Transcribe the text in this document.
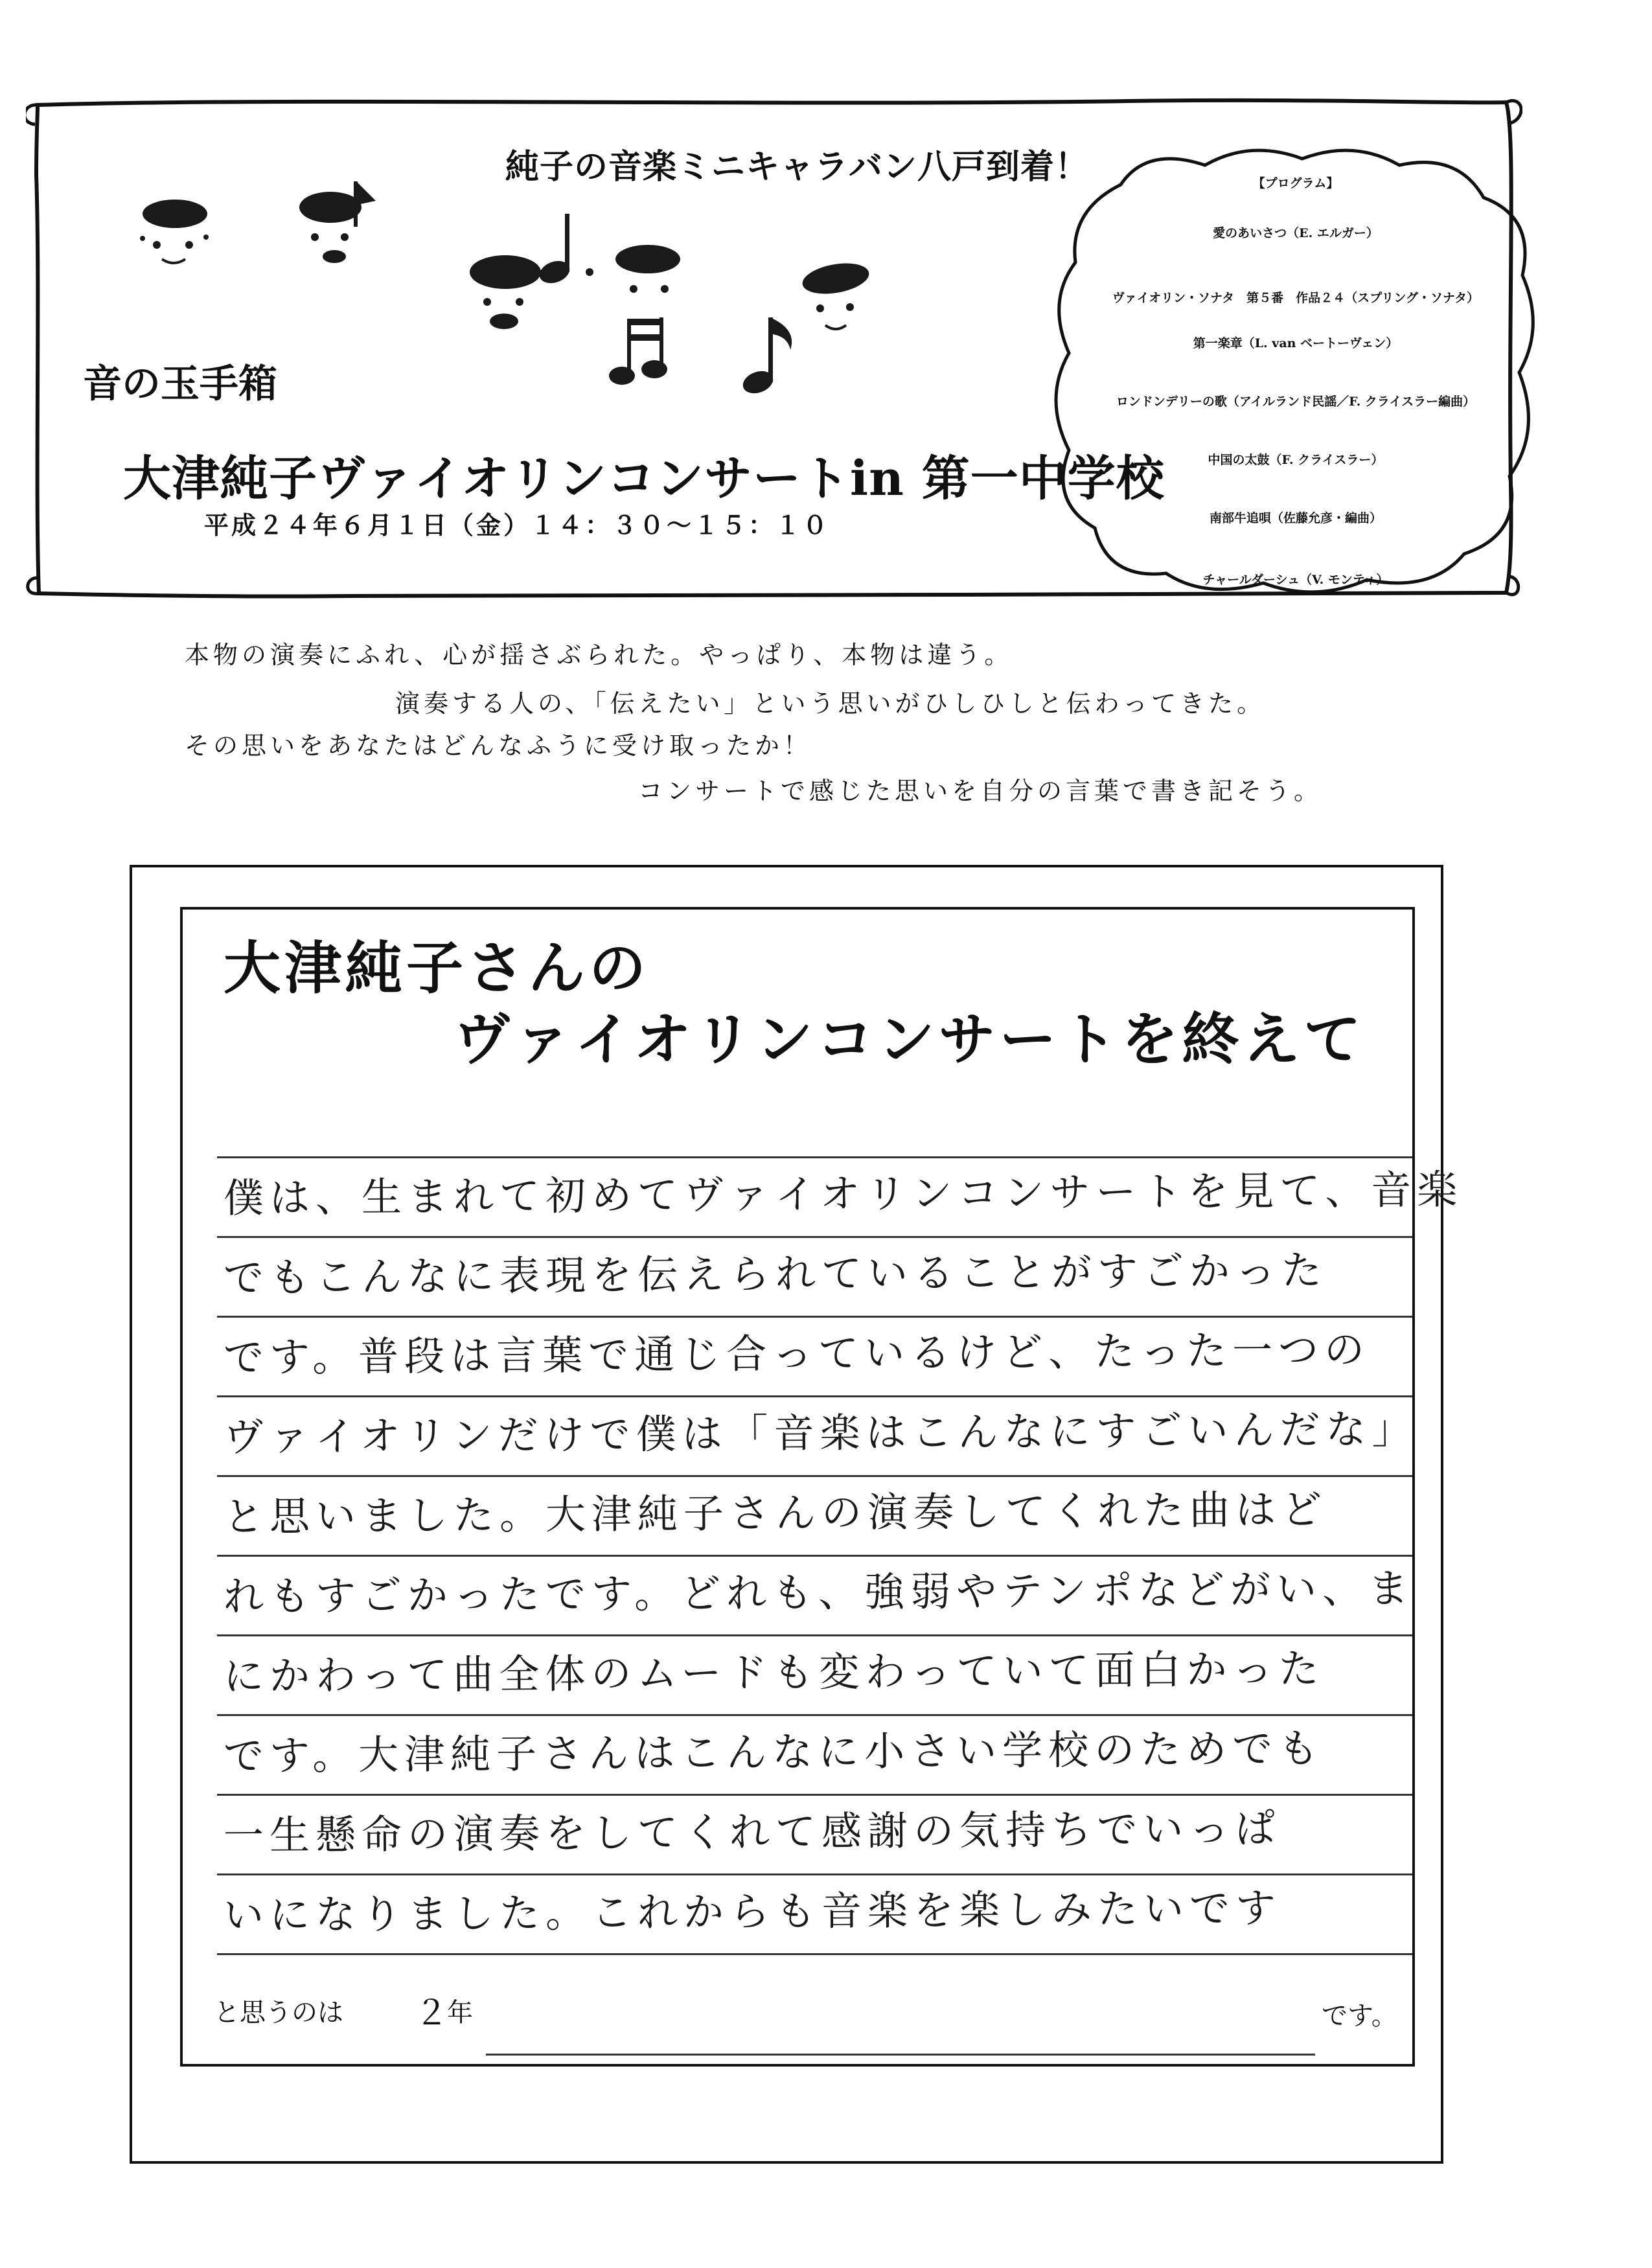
純子の音楽ミニキャラバン八戸到着！
音の玉手箱
大津純子ヴァイオリンコンサートin 第一中学校
平成２４年６月１日（金）１４：３０～１５：１０
【プログラム】
愛のあいさつ（E. エルガー）
ヴァイオリン・ソナタ　第５番　作品２４（スプリング・ソナタ）
第一楽章（L. van ベートーヴェン）
ロンドンデリーの歌（アイルランド民謡／F. クライスラー編曲）
中国の太鼓（F. クライスラー）
南部牛追唄（佐藤允彦・編曲）
チャールダーシュ（V. モンティ）
本物の演奏にふれ、心が揺さぶられた。やっぱり、本物は違う。
演奏する人の、「伝えたい」という思いがひしひしと伝わってきた。
その思いをあなたはどんなふうに受け取ったか！
コンサートで感じた思いを自分の言葉で書き記そう。
大津純子さんの
ヴァイオリンコンサートを終えて
僕は、生まれて初めてヴァイオリンコンサートを見て、音楽
でもこんなに表現を伝えられていることがすごかった
です。普段は言葉で通じ合っているけど、たった一つの
ヴァイオリンだけで僕は「音楽はこんなにすごいんだな」
と思いました。大津純子さんの演奏してくれた曲はど
れもすごかったです。どれも、強弱やテンポなどがい、ま
にかわって曲全体のムードも変わっていて面白かった
です。大津純子さんはこんなに小さい学校のためでも
一生懸命の演奏をしてくれて感謝の気持ちでいっぱ
いになりました。これからも音楽を楽しみたいです
と思うのは ２
年	です。
